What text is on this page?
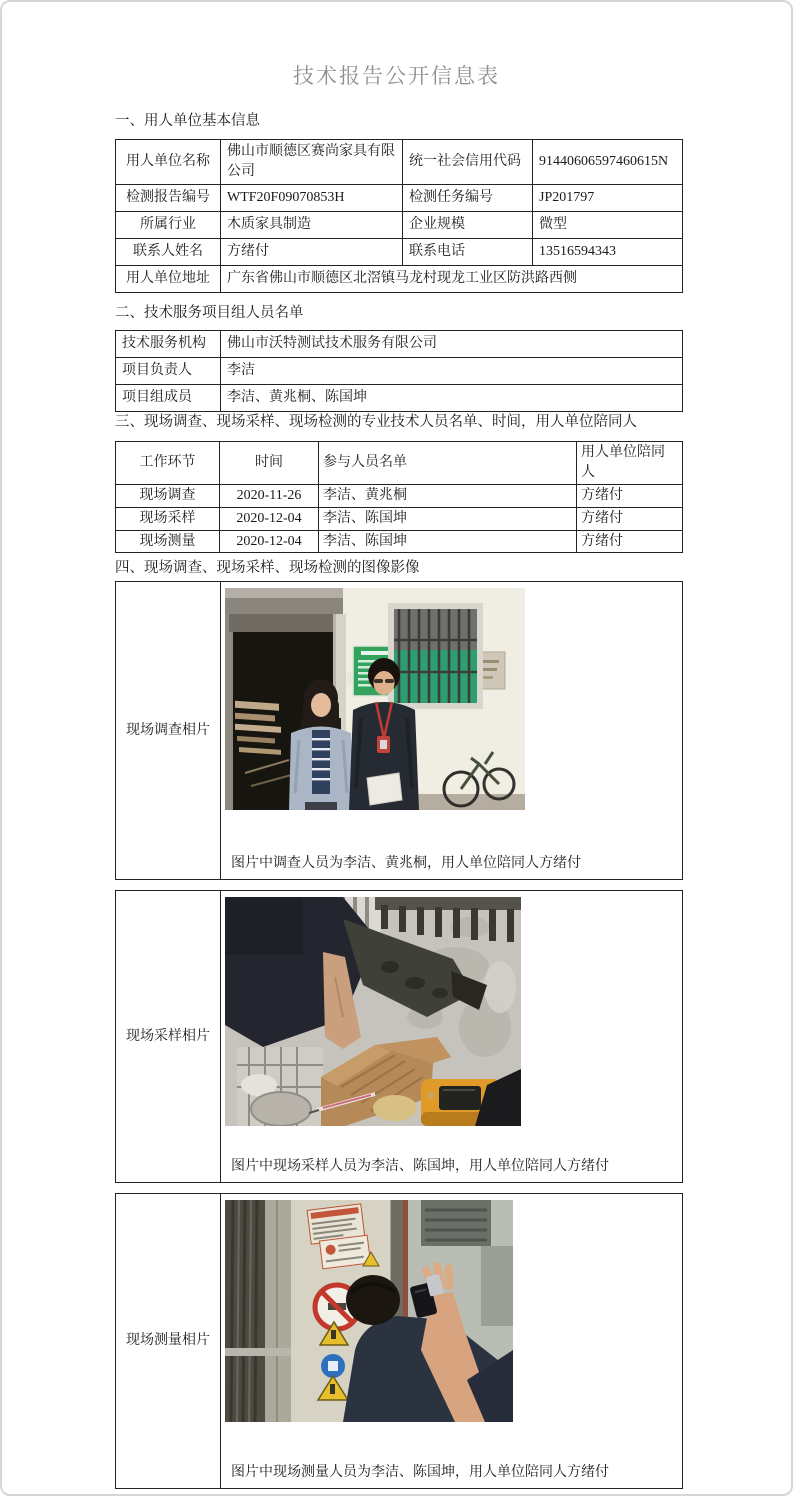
技术报告公开信息表
一、用人单位基本信息
用人单位名称	佛山市顺德区赛尚家具有限公司	统一社会信用代码	91440606597460615N
检测报告编号	WTF20F09070853H	检测任务编号	JP201797
所属行业	木质家具制造	企业规模	微型
联系人姓名	方绪付	联系电话	13516594343
用人单位地址	广东省佛山市顺德区北滘镇马龙村现龙工业区防洪路西侧		
二、技术服务项目组人员名单
技术服务机构	佛山市沃特测试技术服务有限公司
项目负责人	李洁
项目组成员	李洁、黄兆桐、陈国坤
三、现场调查、现场采样、现场检测的专业技术人员名单、时间，用人单位陪同人
工作环节	时间	参与人员名单	用人单位陪同人
现场调查	2020-11-26	李洁、黄兆桐	方绪付
现场采样	2020-12-04	李洁、陈国坤	方绪付
现场测量	2020-12-04	李洁、陈国坤	方绪付
四、现场调查、现场采样、现场检测的图像影像
现场调查相片	
图片中调查人员为李洁、黄兆桐，用人单位陪同人方绪付
现场采样相片	
图片中现场采样人员为李洁、陈国坤，用人单位陪同人方绪付
现场测量相片	
图片中现场测量人员为李洁、陈国坤，用人单位陪同人方绪付
